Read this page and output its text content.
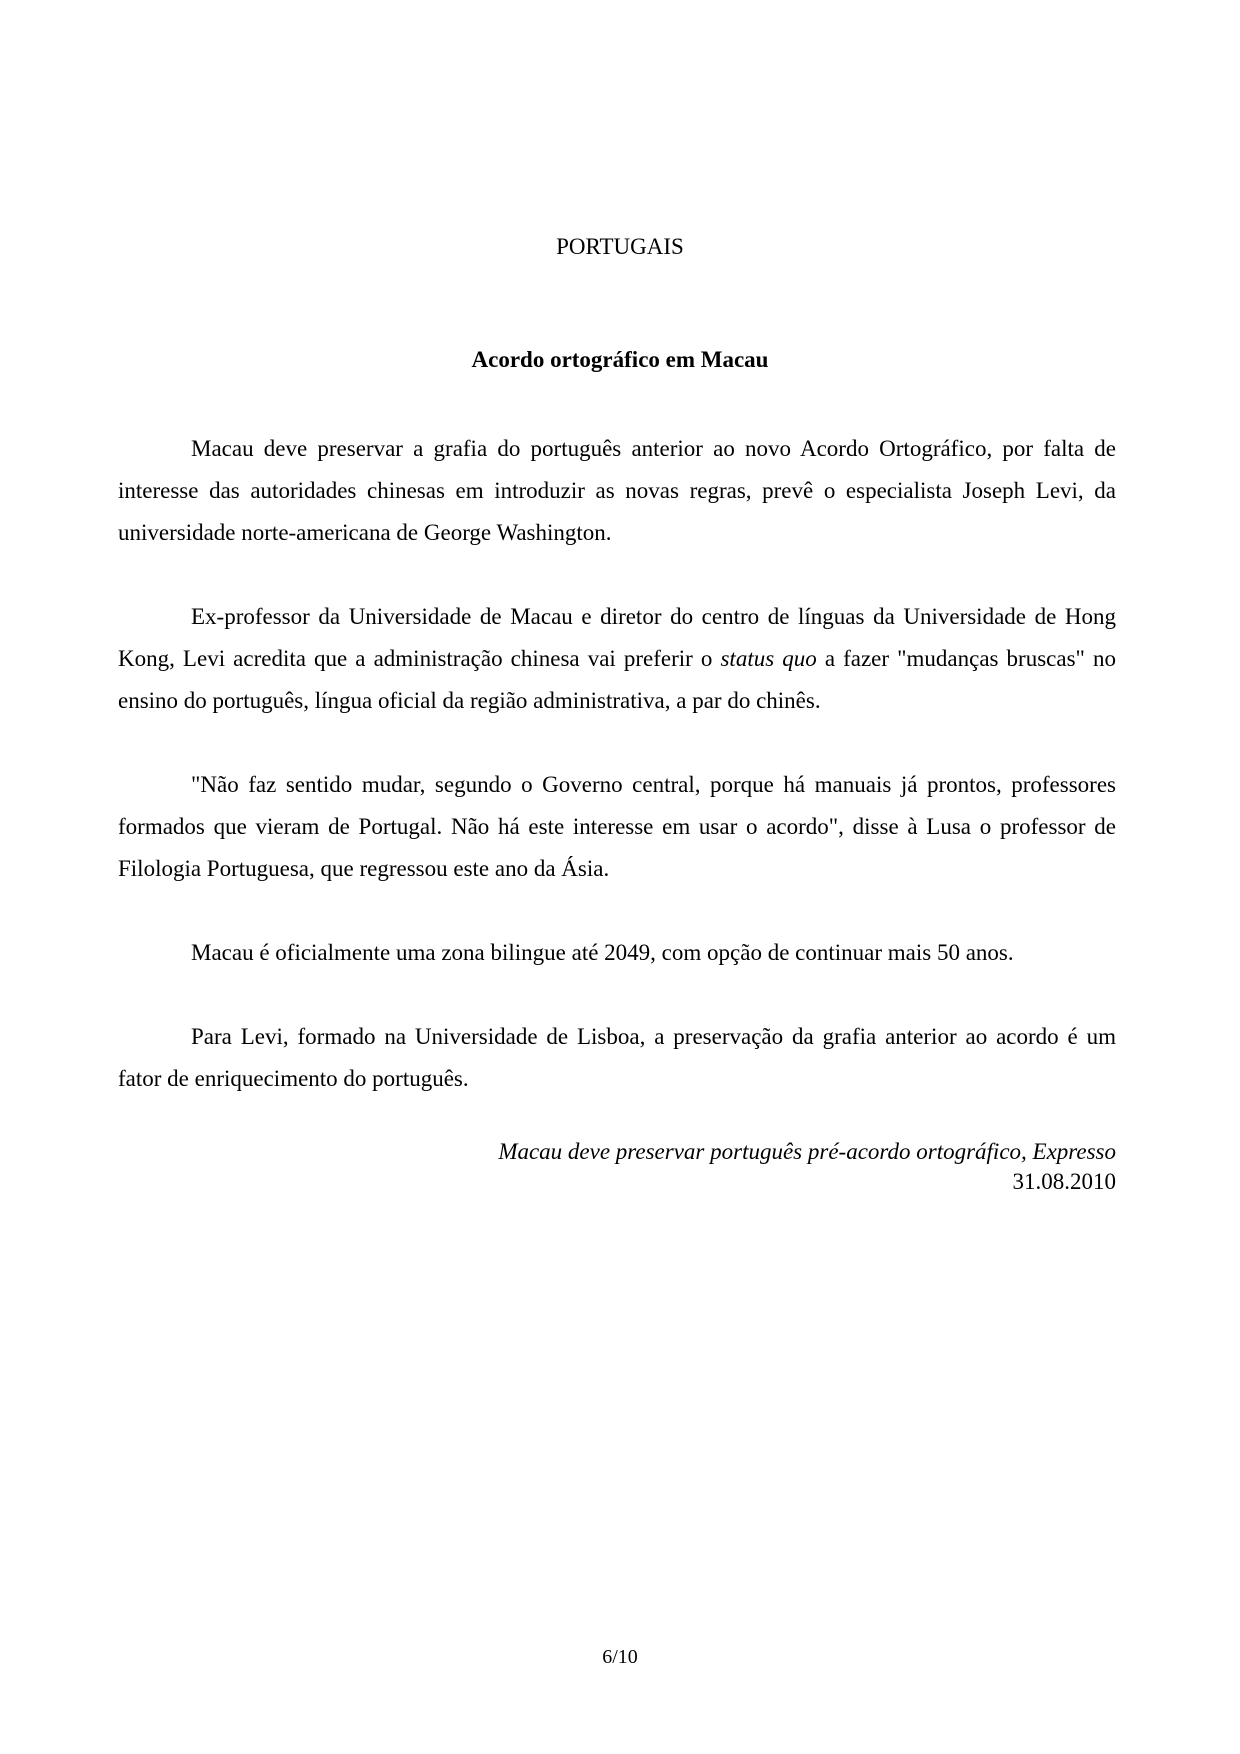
PORTUGAIS
Acordo ortográfico em Macau

Macau deve preservar a grafia do português anterior ao novo Acordo Ortográfico, por falta de interesse das autoridades chinesas em introduzir as novas regras, prevê o especialista Joseph Levi, da universidade norte-americana de George Washington.

Ex-professor da Universidade de Macau e diretor do centro de línguas da Universidade de Hong Kong, Levi acredita que a administração chinesa vai preferir o status quo a fazer "mudanças bruscas" no ensino do português, língua oficial da região administrativa, a par do chinês.

"Não faz sentido mudar, segundo o Governo central, porque há manuais já prontos, professores formados que vieram de Portugal. Não há este interesse em usar o acordo", disse à Lusa o professor de Filologia Portuguesa, que regressou este ano da Ásia.

Macau é oficialmente uma zona bilingue até 2049, com opção de continuar mais 50 anos.

Para Levi, formado na Universidade de Lisboa, a preservação da grafia anterior ao acordo é um fator de enriquecimento do português.

Macau deve preservar português pré-acordo ortográfico, Expresso
31.08.2010
6/10
